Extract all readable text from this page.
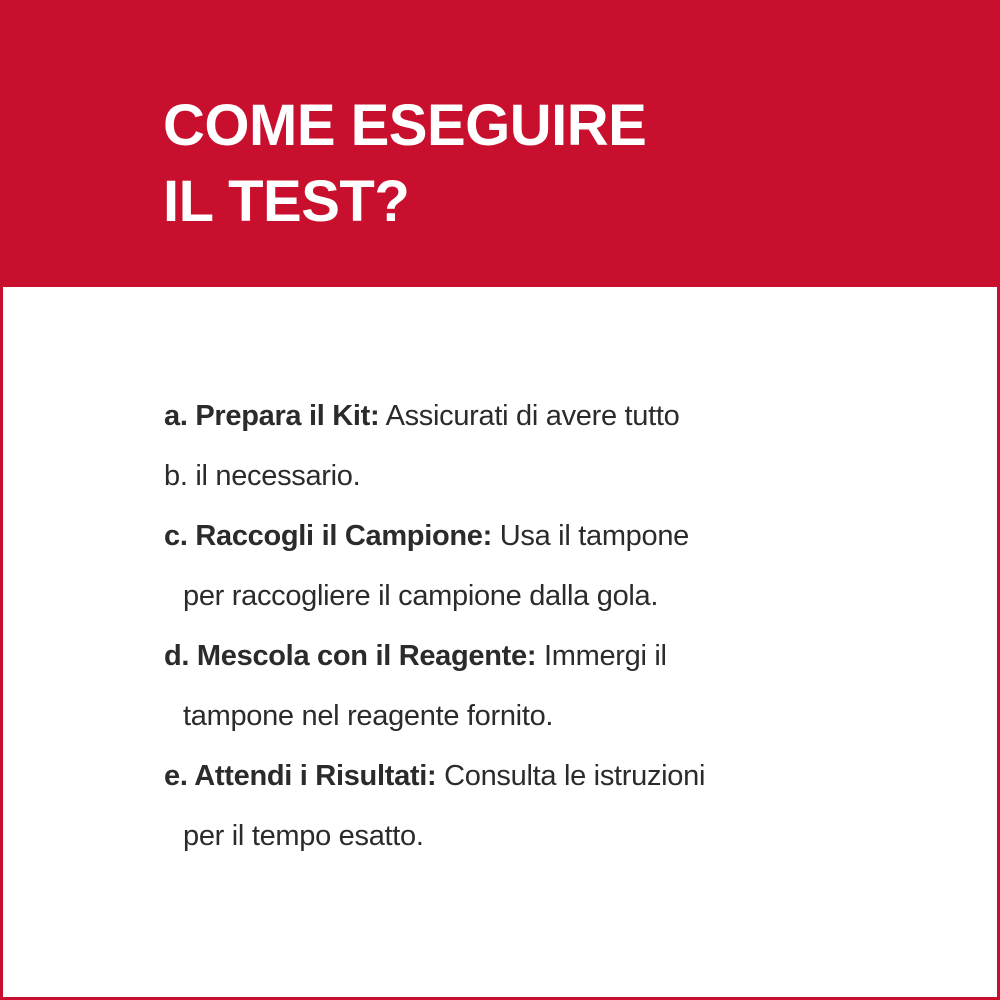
COME ESEGUIRE
IL TEST?
a. Prepara il Kit: Assicurati di avere tutto
b. il necessario.
c. Raccogli il Campione: Usa il tampone
per raccogliere il campione dalla gola.
d. Mescola con il Reagente: Immergi il
tampone nel reagente fornito.
e. Attendi i Risultati: Consulta le istruzioni
per il tempo esatto.
